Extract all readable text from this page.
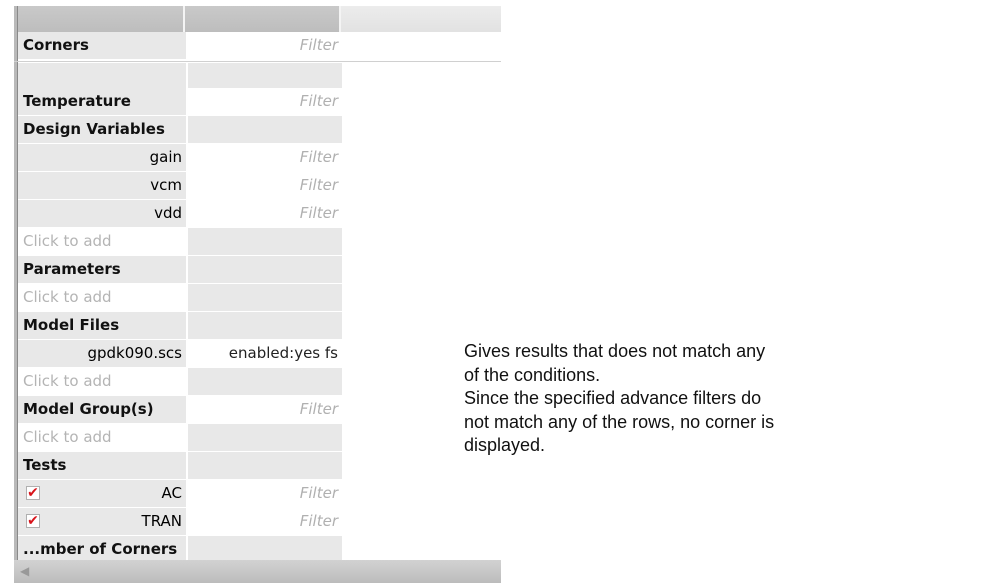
Corners	Filter
Temperature	Filter
Design Variables
gain	Filter
vcm	Filter
vdd	Filter
Click to add
Parameters
Click to add
Model Files
gpdk090.scs	enabled:yes fs
Click to add
Model Group(s)	Filter
Click to add
Tests
✔	AC	Filter
✔	TRAN	Filter
...mber of Corners
◀
Gives results that does not match any
of the conditions.
Since the specified advance filters do
not match any of the rows, no corner is
displayed.
